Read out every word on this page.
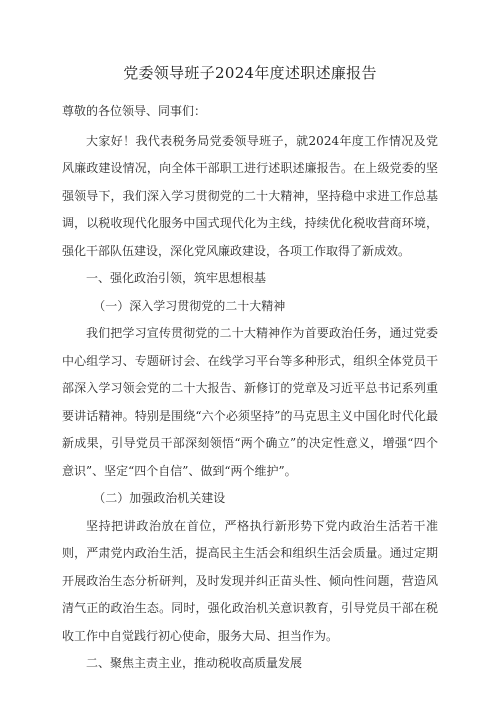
党委领导班子2024年度述职述廉报告
尊敬的各位领导、同事们：

大家好！我代表税务局党委领导班子，就2024年度工作情况及党风廉政建设情况，向全体干部职工进行述职述廉报告。在上级党委的坚强领导下，我们深入学习贯彻党的二十大精神，坚持稳中求进工作总基调，以税收现代化服务中国式现代化为主线，持续优化税收营商环境，强化干部队伍建设，深化党风廉政建设，各项工作取得了新成效。

一、强化政治引领，筑牢思想根基
（一）深入学习贯彻党的二十大精神

我们把学习宣传贯彻党的二十大精神作为首要政治任务，通过党委中心组学习、专题研讨会、在线学习平台等多种形式，组织全体党员干部深入学习领会党的二十大报告、新修订的党章及习近平总书记系列重要讲话精神。特别是围绕“六个必须坚持”的马克思主义中国化时代化最新成果，引导党员干部深刻领悟“两个确立”的决定性意义，增强“四个意识”、坚定“四个自信”、做到“两个维护”。

（二）加强政治机关建设

坚持把讲政治放在首位，严格执行新形势下党内政治生活若干准则，严肃党内政治生活，提高民主生活会和组织生活会质量。通过定期开展政治生态分析研判，及时发现并纠正苗头性、倾向性问题，营造风清气正的政治生态。同时，强化政治机关意识教育，引导党员干部在税收工作中自觉践行初心使命，服务大局、担当作为。

二、聚焦主责主业，推动税收高质量发展
